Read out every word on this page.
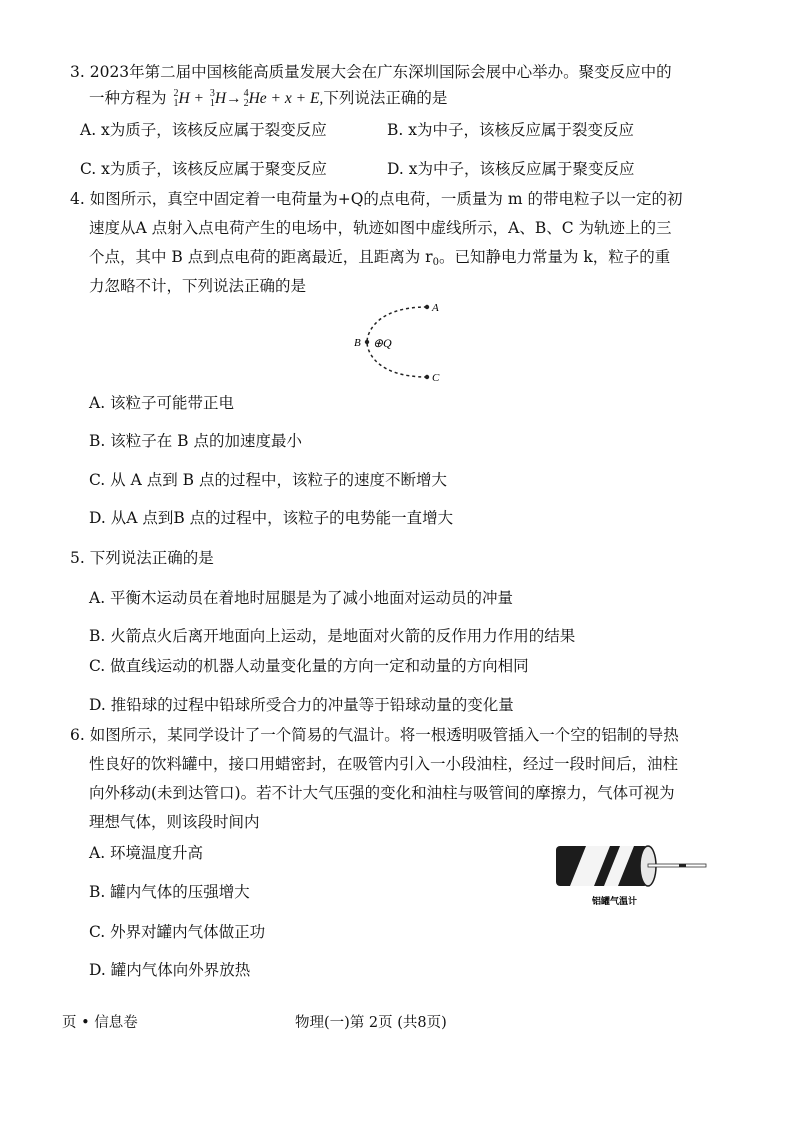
3. 2023年第二届中国核能高质量发展大会在广东深圳国际会展中心举办。聚变反应中的
一种方程为 2
1 H + 3
1 H→ 4
2 He + x + E,下列说法正确的是
A. x为质子，该核反应属于裂变反应	B. x为中子，该核反应属于裂变反应
C. x为质子，该核反应属于聚变反应	D. x为中子，该核反应属于聚变反应
4. 如图所示，真空中固定着一电荷量为+Q的点电荷，一质量为 m 的带电粒子以一定的初
速度从A 点射入点电荷产生的电场中，轨迹如图中虚线所示，A、B、C 为轨迹上的三
个点，其中 B 点到点电荷的距离最近，且距离为 r0。已知静电力常量为 k，粒子的重
力忽略不计，下列说法正确的是
A
B
C
⊕Q
A. 该粒子可能带正电
B. 该粒子在 B 点的加速度最小
C. 从 A 点到 B 点的过程中，该粒子的速度不断增大
D. 从A 点到B 点的过程中，该粒子的电势能一直增大
5. 下列说法正确的是
A. 平衡木运动员在着地时屈腿是为了减小地面对运动员的冲量
B. 火箭点火后离开地面向上运动，是地面对火箭的反作用力作用的结果
C. 做直线运动的机器人动量变化量的方向一定和动量的方向相同
D. 推铅球的过程中铅球所受合力的冲量等于铅球动量的变化量
6. 如图所示，某同学设计了一个简易的气温计。将一根透明吸管插入一个空的铝制的导热
性良好的饮料罐中，接口用蜡密封，在吸管内引入一小段油柱，经过一段时间后，油柱
向外移动(未到达管口)。若不计大气压强的变化和油柱与吸管间的摩擦力，气体可视为
理想气体，则该段时间内
A. 环境温度升高
B. 罐内气体的压强增大
C. 外界对罐内气体做正功
D. 罐内气体向外界放热
铝罐气温计
页 • 信息卷	物理(一)第 2页 (共8页)
